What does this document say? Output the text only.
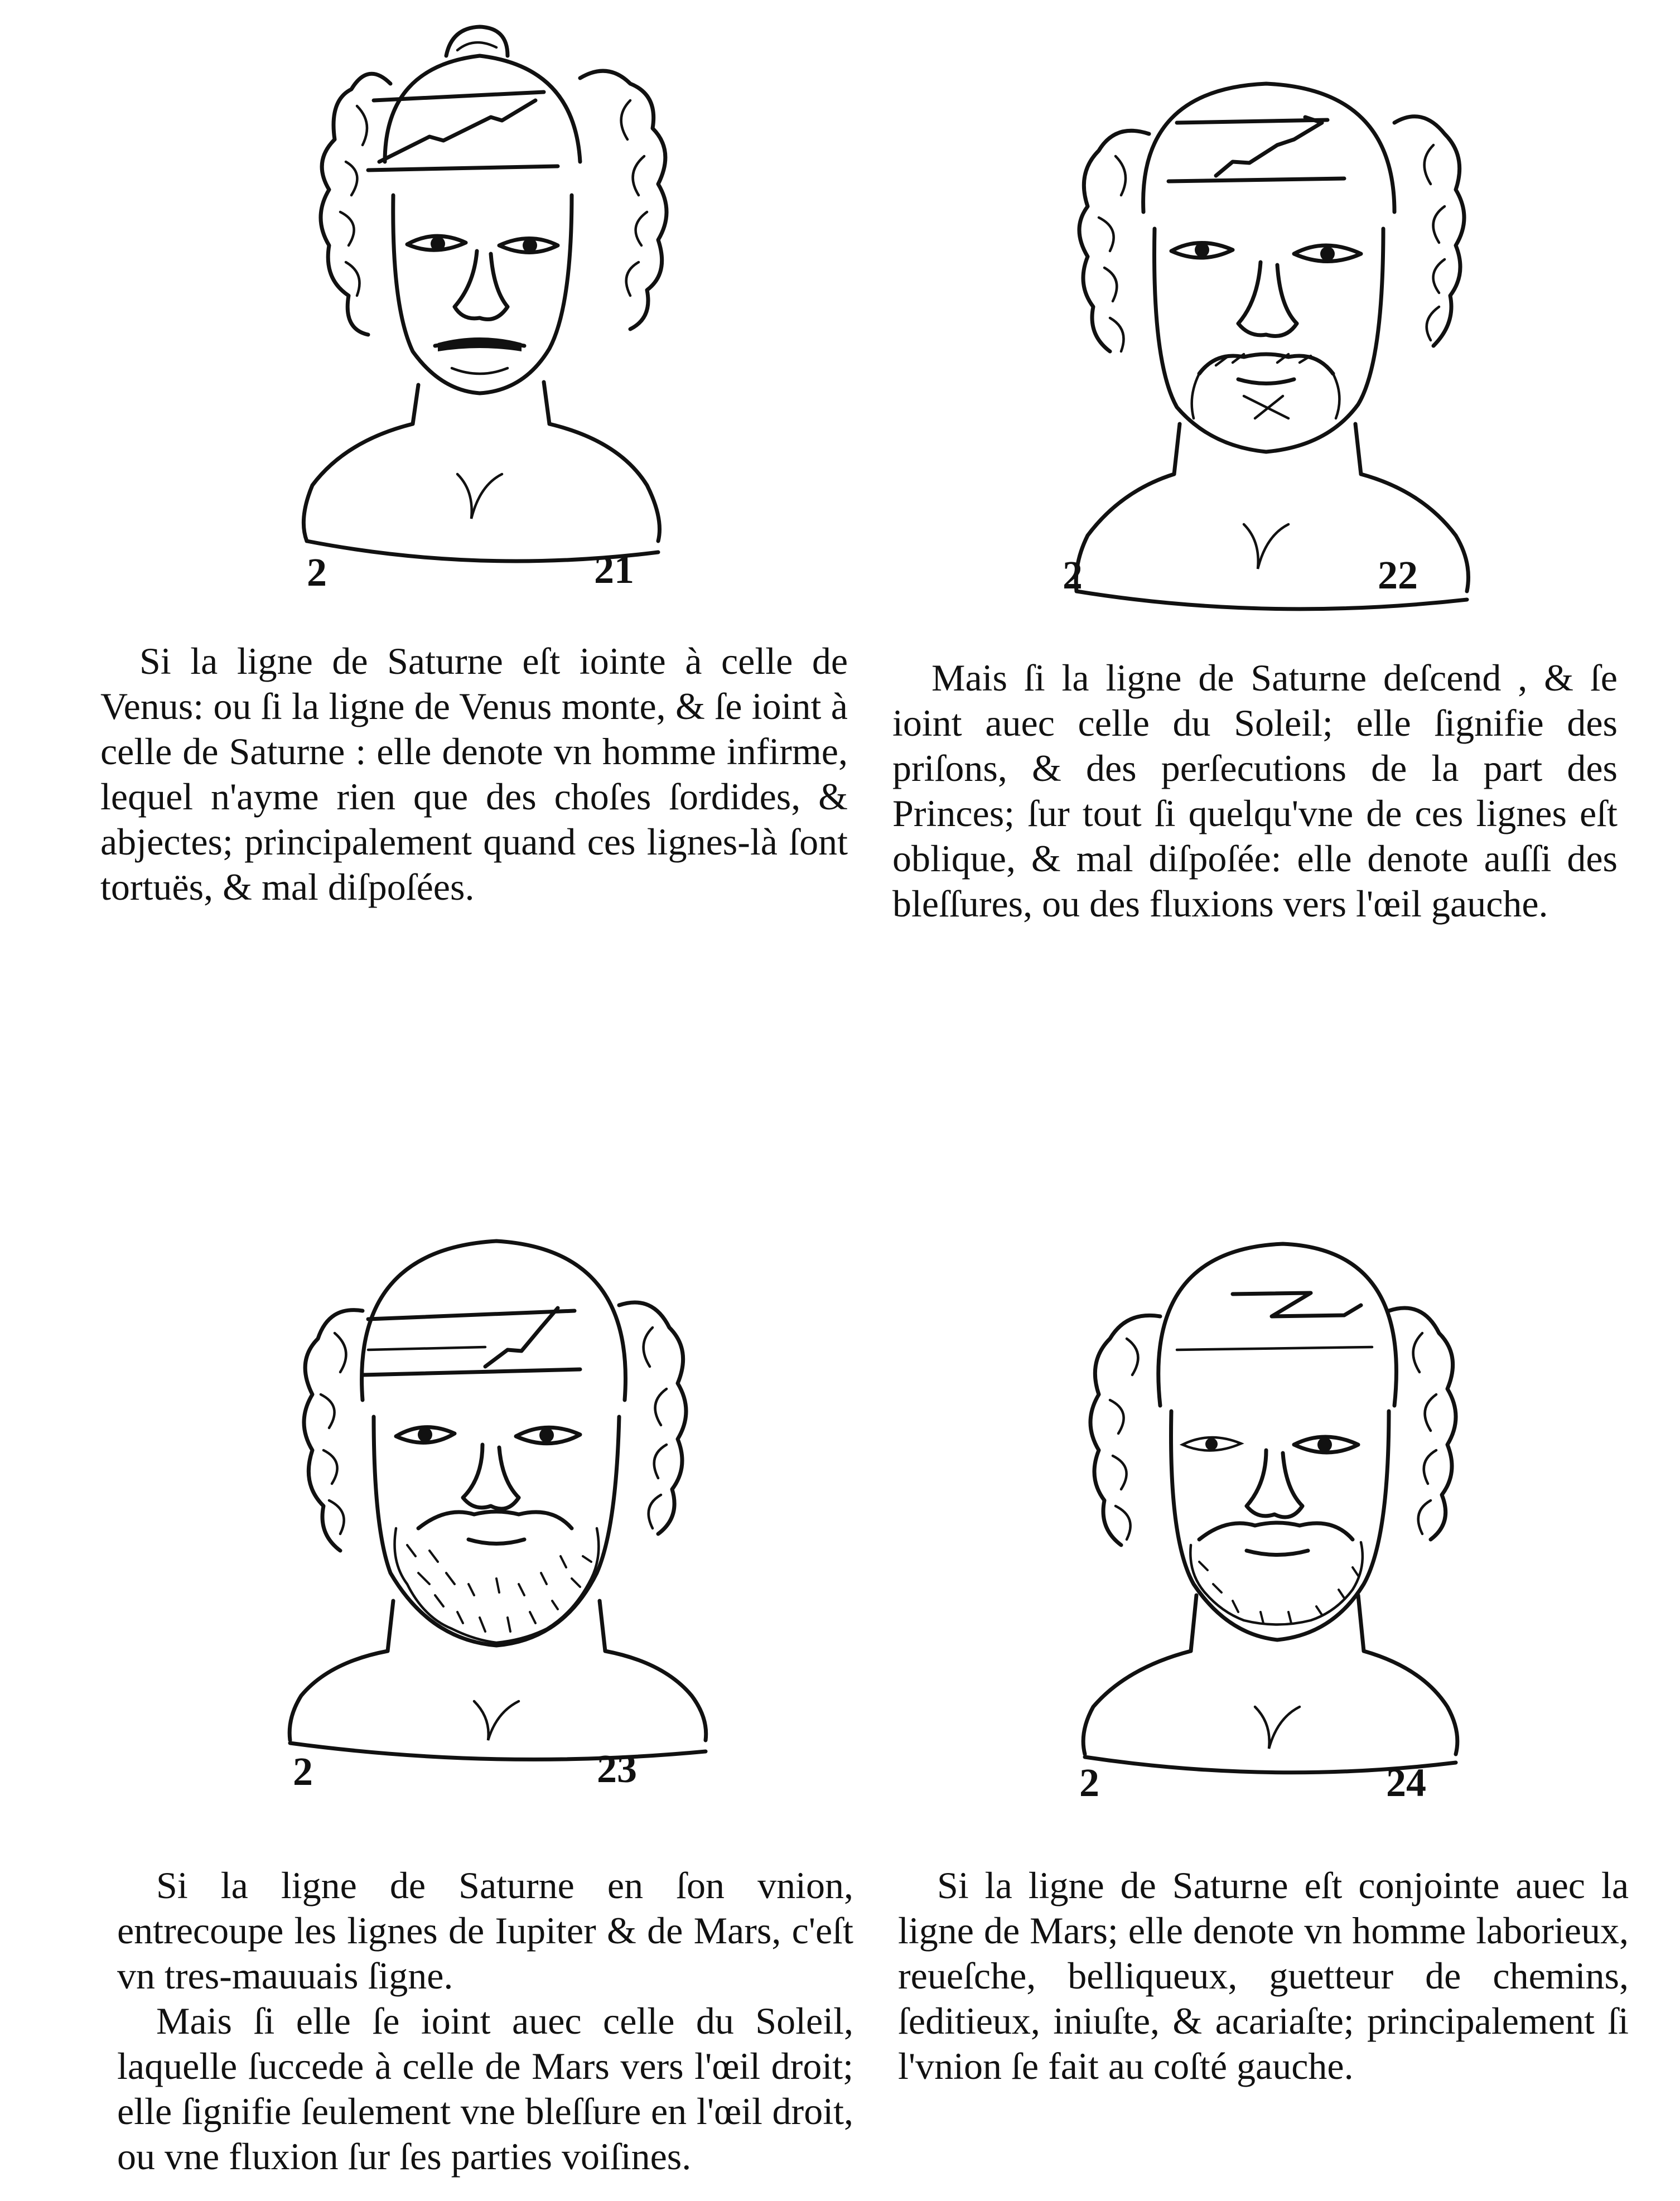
2	21	2	22

Si la ligne de Saturne eſt iointe à celle de Venus: ou ſi la ligne de Venus monte, & ſe ioint à celle de Saturne : elle denote vn homme infirme, lequel n'ayme rien que des choſes ſordides, & abjectes; principalement quand ces lignes-là ſont tortuës, & mal diſpoſées.

Mais ſi la ligne de Saturne deſcend , & ſe ioint auec celle du Soleil; elle ſignifie des priſons, & des perſecutions de la part des Princes; ſur tout ſi quelqu'vne de ces lignes eſt oblique, & mal diſpoſée: elle denote auſſi des bleſſures, ou des fluxions vers l'œil gauche.

2	23	2	24

Si la ligne de Saturne en ſon vnion, entrecoupe les lignes de Iupiter & de Mars, c'eſt vn tres-mauuais ſigne.

Mais ſi elle ſe ioint auec celle du Soleil, laquelle ſuccede à celle de Mars vers l'œil droit; elle ſignifie ſeulement vne bleſſure en l'œil droit, ou vne fluxion ſur ſes parties voiſines.

Si la ligne de Saturne eſt conjointe auec la ligne de Mars; elle denote vn homme laborieux, reueſche, belliqueux, guetteur de chemins, ſeditieux, iniuſte, & acariaſte; principalement ſi l'vnion ſe fait au coſté gauche.
